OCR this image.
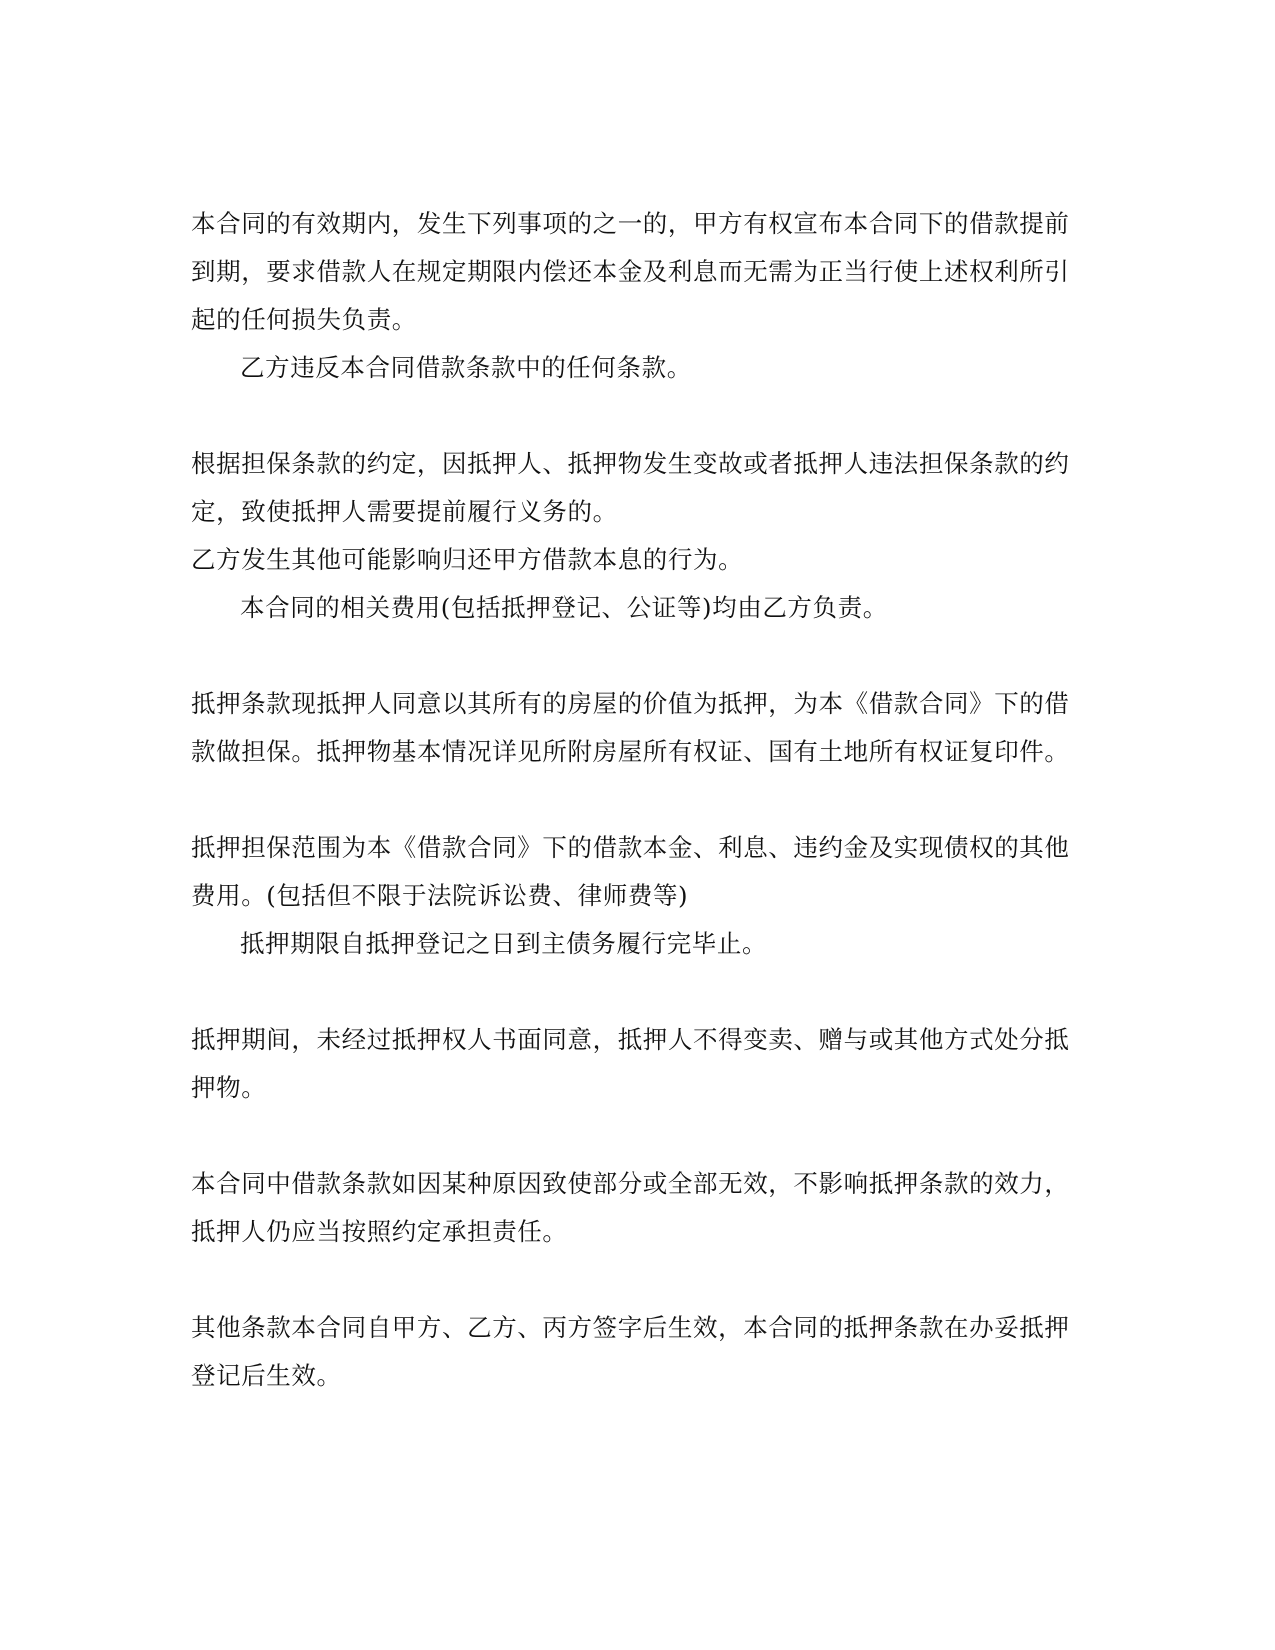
本合同的有效期内，发生下列事项的之一的，甲方有权宣布本合同下的借款提前到期，要求借款人在规定期限内偿还本金及利息而无需为正当行使上述权利所引起的任何损失负责。

乙方违反本合同借款条款中的任何条款。

根据担保条款的约定，因抵押人、抵押物发生变故或者抵押人违法担保条款的约定，致使抵押人需要提前履行义务的。

乙方发生其他可能影响归还甲方借款本息的行为。

本合同的相关费用(包括抵押登记、公证等)均由乙方负责。

抵押条款现抵押人同意以其所有的房屋的价值为抵押，为本《借款合同》下的借款做担保。抵押物基本情况详见所附房屋所有权证、国有土地所有权证复印件。

抵押担保范围为本《借款合同》下的借款本金、利息、违约金及实现债权的其他费用。(包括但不限于法院诉讼费、律师费等)

抵押期限自抵押登记之日到主债务履行完毕止。

抵押期间，未经过抵押权人书面同意，抵押人不得变卖、赠与或其他方式处分抵押物。

本合同中借款条款如因某种原因致使部分或全部无效，不影响抵押条款的效力，抵押人仍应当按照约定承担责任。

其他条款本合同自甲方、乙方、丙方签字后生效，本合同的抵押条款在办妥抵押登记后生效。
